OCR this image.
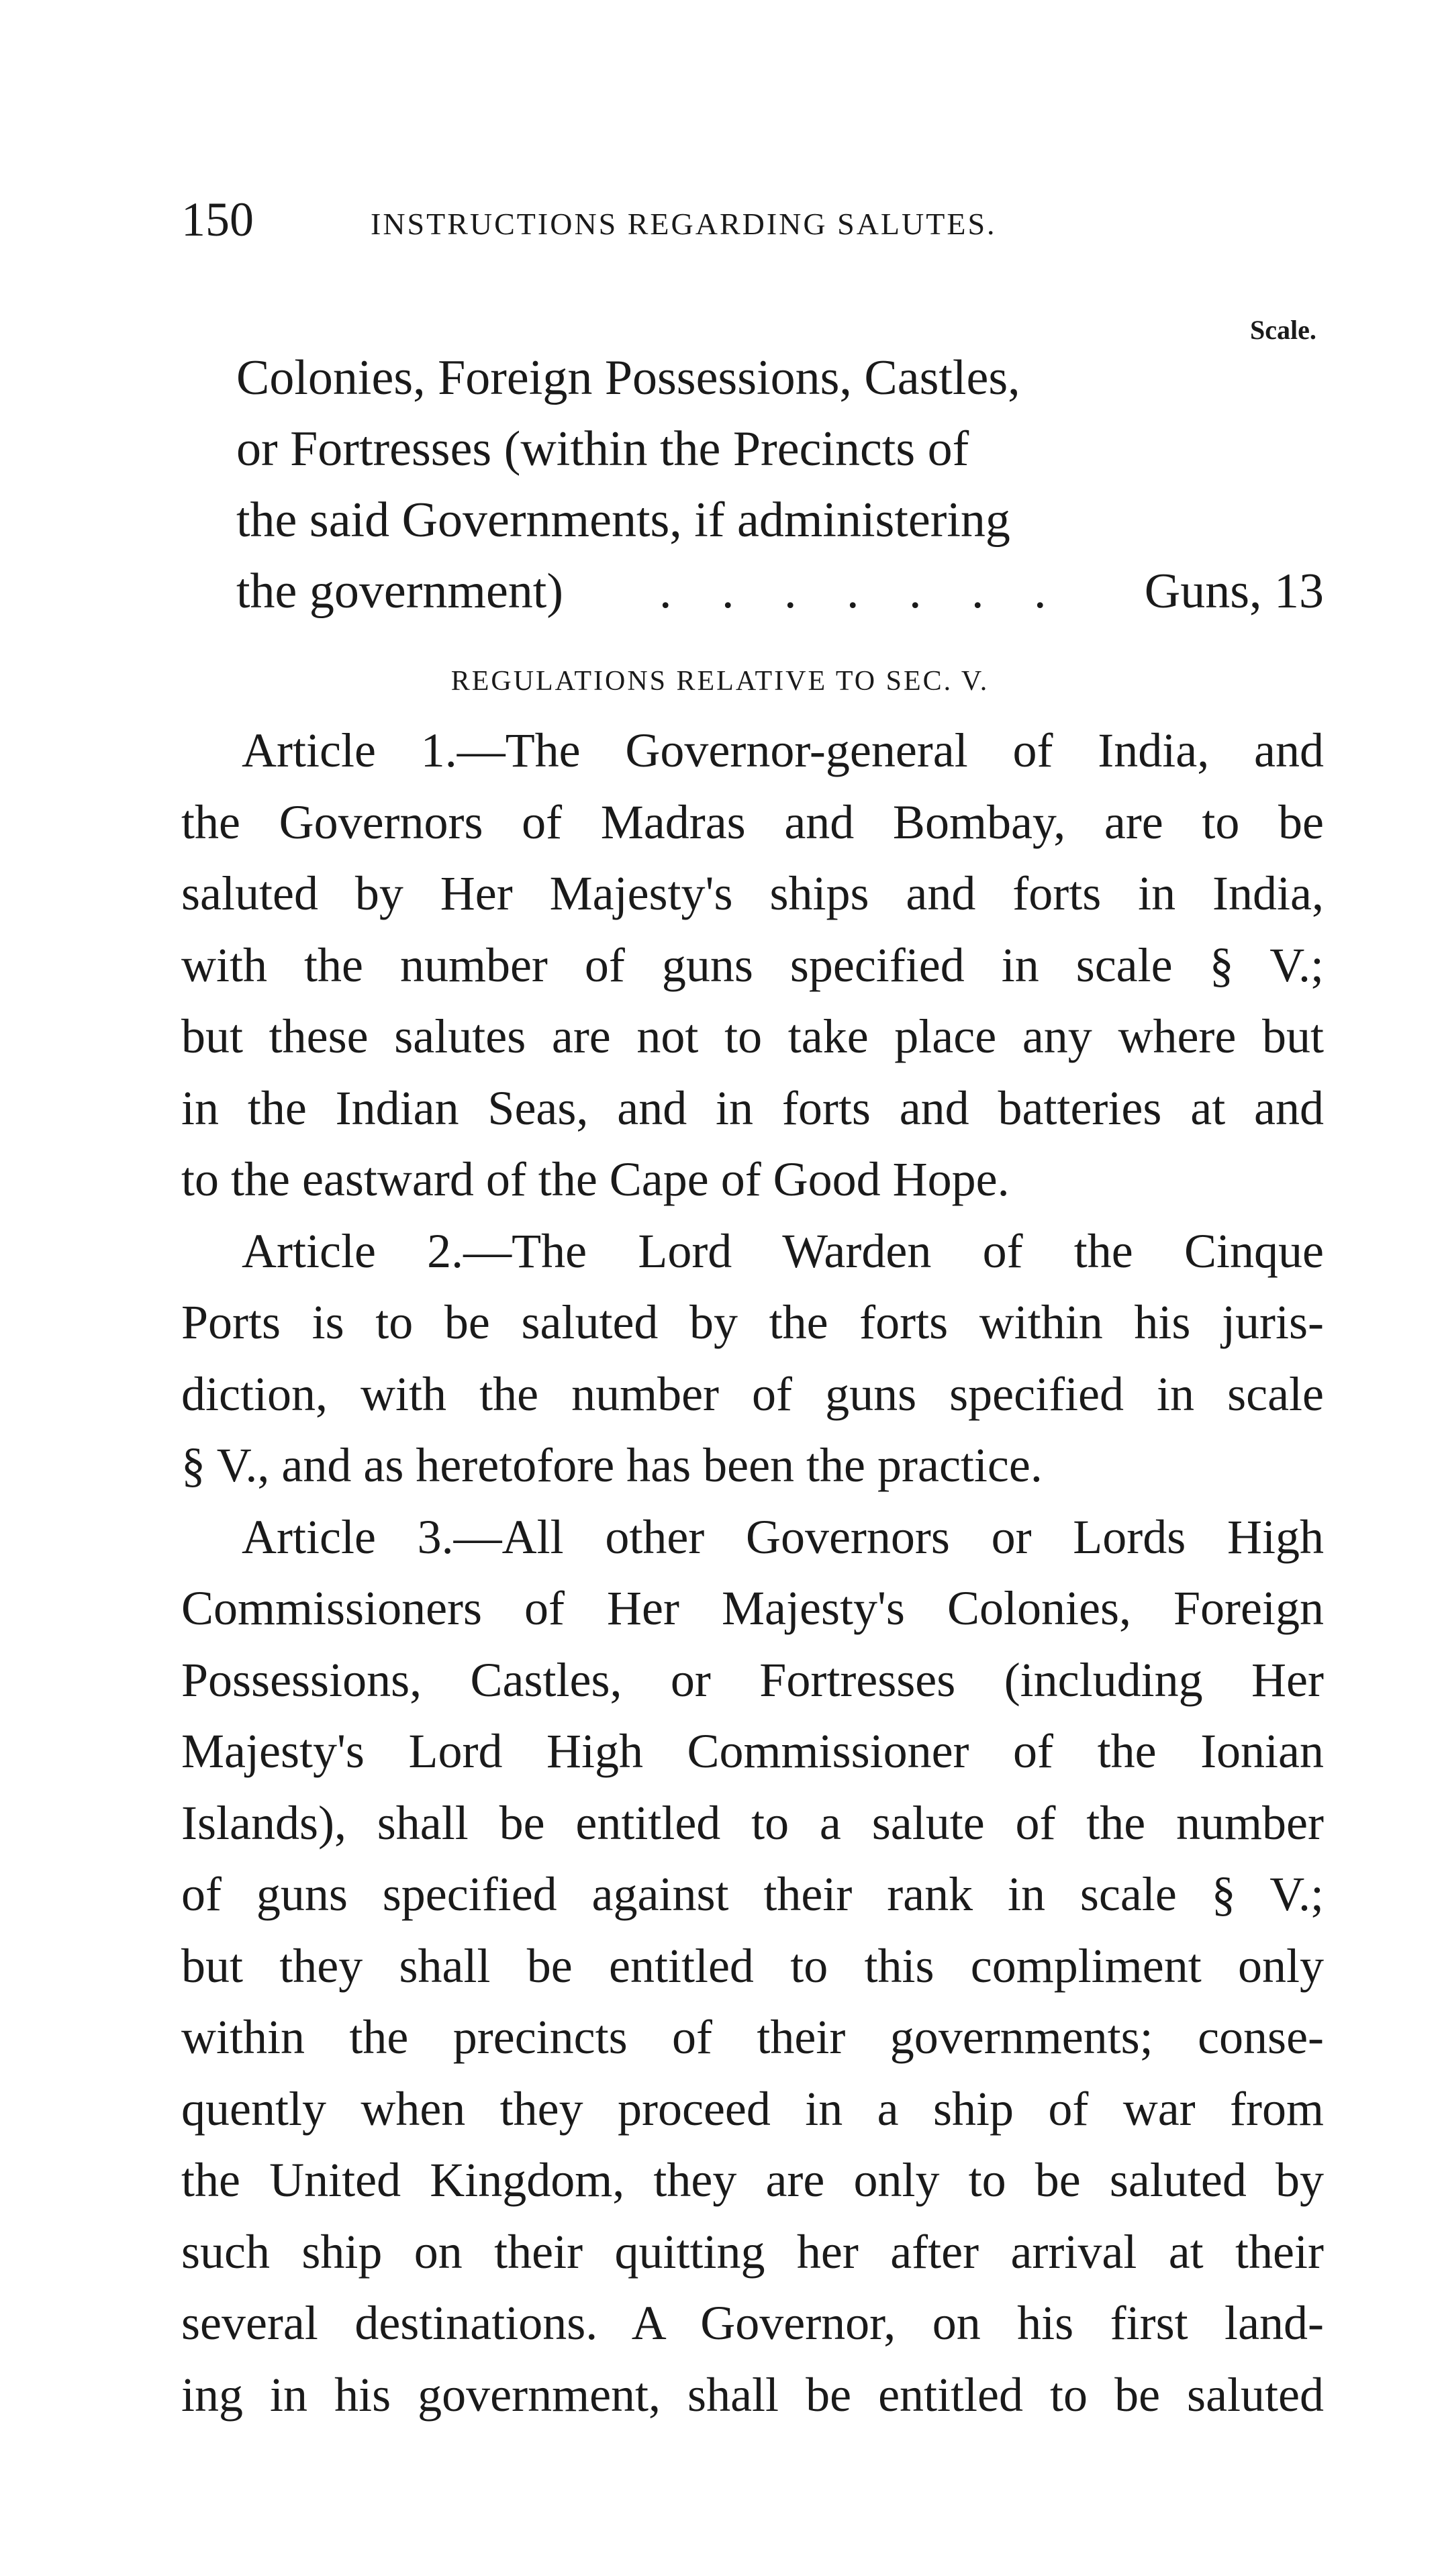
150	INSTRUCTIONS REGARDING SALUTES.
Scale.
Colonies, Foreign Possessions, Castles,
or Fortresses (within the Precincts of
the said Governments, if administering
the government) . . . . . . . Guns, 13
REGULATIONS RELATIVE TO SEC. V.
Article 1.—The Governor-general of India, and
the Governors of Madras and Bombay, are to be
saluted by Her Majesty's ships and forts in India,
with the number of guns specified in scale § V.;
but these salutes are not to take place any where but
in the Indian Seas, and in forts and batteries at and
to the eastward of the Cape of Good Hope.
Article 2.—The Lord Warden of the Cinque
Ports is to be saluted by the forts within his juris-
diction, with the number of guns specified in scale
§ V., and as heretofore has been the practice.
Article 3.—All other Governors or Lords High
Commissioners of Her Majesty's Colonies, Foreign
Possessions, Castles, or Fortresses (including Her
Majesty's Lord High Commissioner of the Ionian
Islands), shall be entitled to a salute of the number
of guns specified against their rank in scale § V.;
but they shall be entitled to this compliment only
within the precincts of their governments; conse-
quently when they proceed in a ship of war from
the United Kingdom, they are only to be saluted by
such ship on their quitting her after arrival at their
several destinations. A Governor, on his first land-
ing in his government, shall be entitled to be saluted
